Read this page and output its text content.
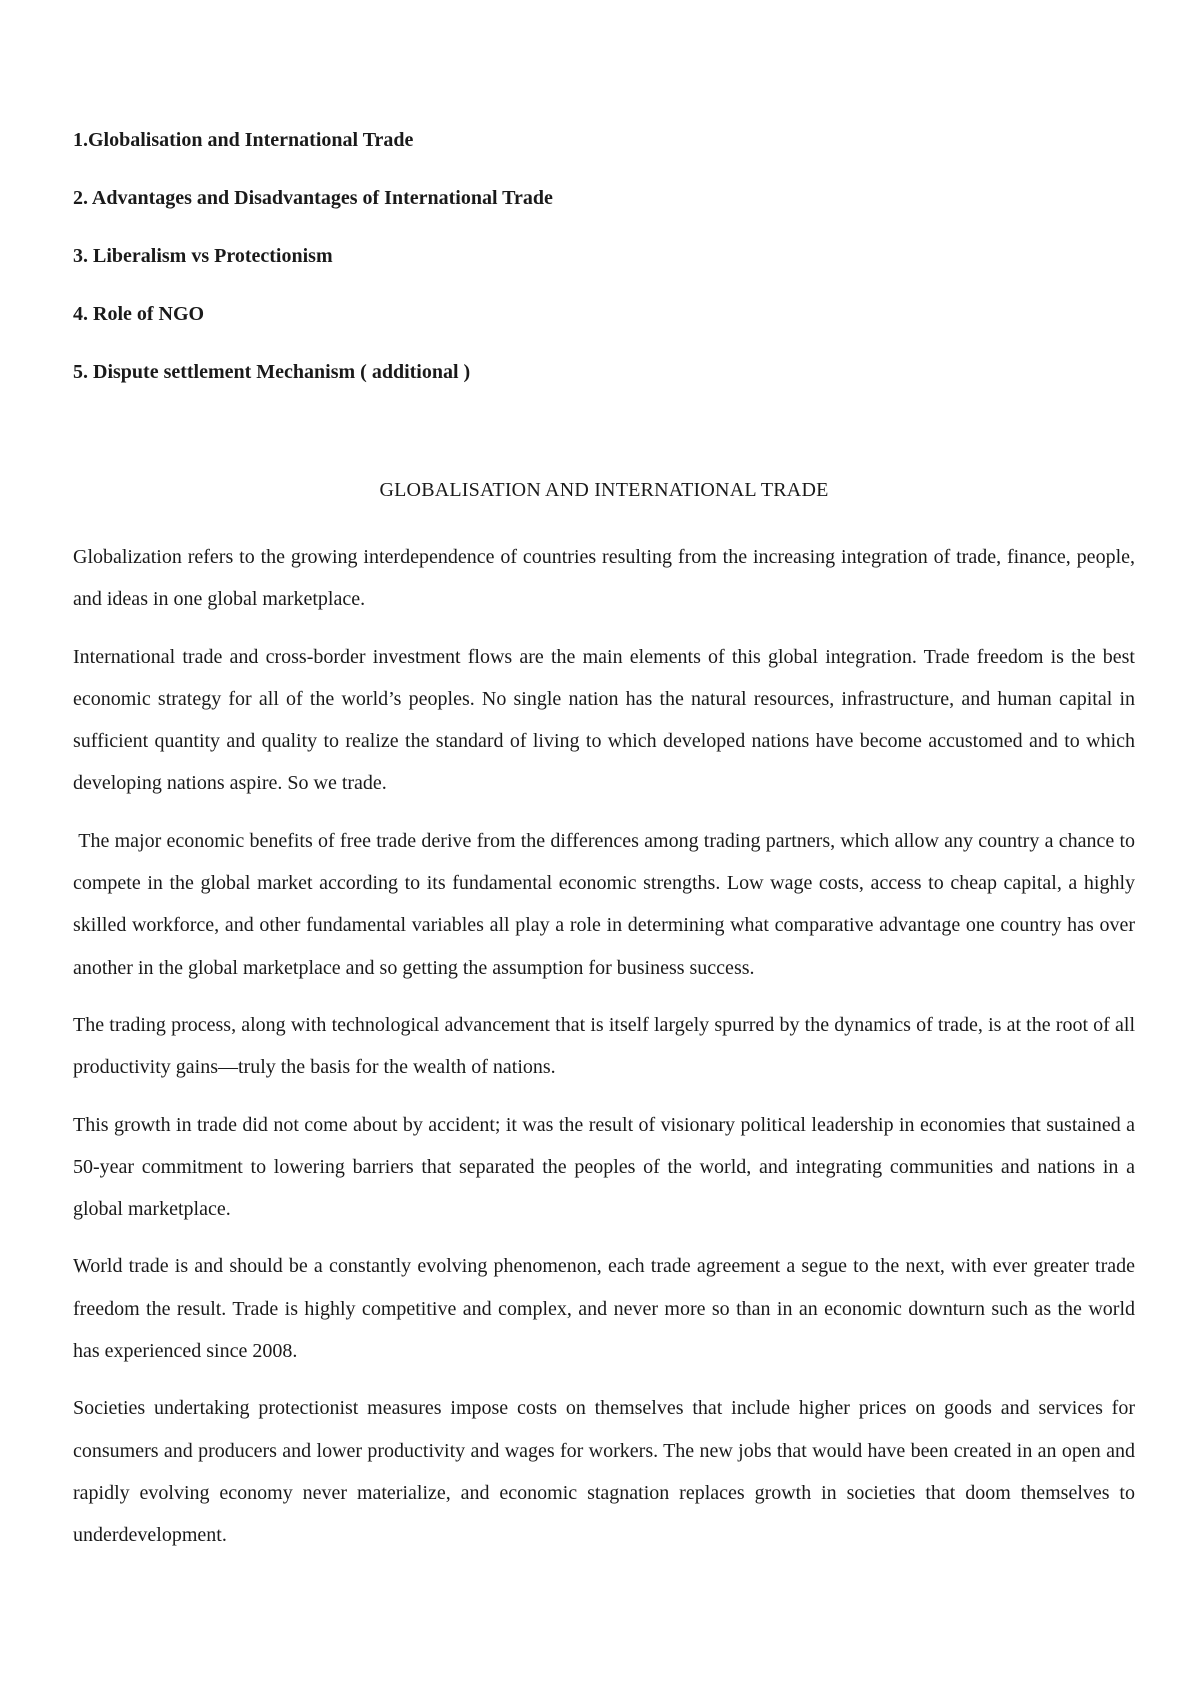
1.Globalisation and International Trade
2. Advantages and Disadvantages of International Trade
3. Liberalism vs Protectionism
4. Role of NGO
5. Dispute settlement Mechanism ( additional )
GLOBALISATION AND INTERNATIONAL TRADE

Globalization refers to the growing interdependence of countries resulting from the increasing integration of trade, finance, people, and ideas in one global marketplace.

International trade and cross-border investment flows are the main elements of this global integration. Trade freedom is the best economic strategy for all of the world’s peoples. No single nation has the natural resources, infrastructure, and human capital in sufficient quantity and quality to realize the standard of living to which developed nations have become accustomed and to which developing nations aspire. So we trade.

The major economic benefits of free trade derive from the differences among trading partners, which allow any country a chance to compete in the global market according to its fundamental economic strengths. Low wage costs, access to cheap capital, a highly skilled workforce, and other fundamental variables all play a role in determining what comparative advantage one country has over another in the global marketplace and so getting the assumption for business success.

The trading process, along with technological advancement that is itself largely spurred by the dynamics of trade, is at the root of all productivity gains—truly the basis for the wealth of nations.

This growth in trade did not come about by accident; it was the result of visionary political leadership in economies that sustained a 50-year commitment to lowering barriers that separated the peoples of the world, and integrating communities and nations in a global marketplace.

World trade is and should be a constantly evolving phenomenon, each trade agreement a segue to the next, with ever greater trade freedom the result. Trade is highly competitive and complex, and never more so than in an economic downturn such as the world has experienced since 2008.

Societies undertaking protectionist measures impose costs on themselves that include higher prices on goods and services for consumers and producers and lower productivity and wages for workers. The new jobs that would have been created in an open and rapidly evolving economy never materialize, and economic stagnation replaces growth in societies that doom themselves to underdevelopment.
